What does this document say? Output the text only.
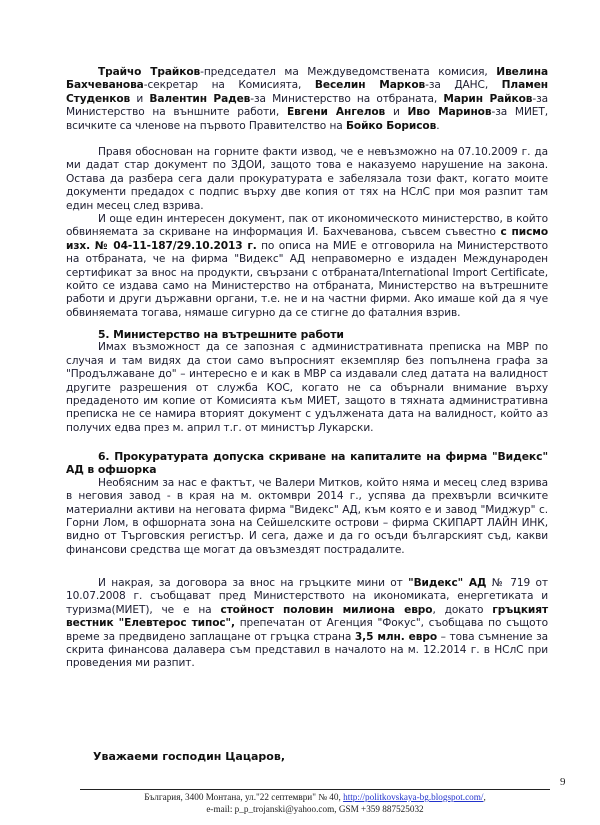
Трайчо Трайков-председател ма Междуведомствената комисия, Ивелина Бахчеванова-секретар на Комисията, Веселин Марков-за ДАНС, Пламен Студенков и Валентин Радев-за Министерство на отбраната, Марин Райков-за Министерство на външните работи, Евгени Ангелов и Иво Маринов-за МИЕТ, всичките са членове на първото Правителство на Бойко Борисов.

Правя обоснован на горните факти извод, че е невъзможно на 07.10.2009 г. да ми дадат стар документ по ЗДОИ, защото това е наказуемо нарушение на закона. Остава да разбера сега дали прокуратурата е забелязала този факт, когато моите документи предадох с подпис върху две копия от тях на НСлС при моя разпит там един месец след взрива.

И още един интересен документ, пак от икономическото министерство, в който обвиняемата за скриване на информация И. Бахчеванова, съвсем съвестно с писмо изх. № 04-11-187/29.10.2013 г. по описа на МИЕ е отговорила на Министерството на отбраната, че на фирма "Видекс" АД неправомерно е издаден Международен сертификат за внос на продукти, свързани с отбраната/International Import Certificate, който се издава само на Министерство на отбраната, Министерство на вътрешните работи и други държавни органи, т.е. не и на частни фирми. Ако имаше кой да я чуе обвиняемата тогава, нямаше сигурно да се стигне до фаталния взрив.

5. Министерство на вътрешните работи

Имах възможност да се запозная с административната преписка на МВР по случая и там видях да стои само въпросният екземпляр без попълнена графа за "Продължаване до" – интересно е и как в МВР са издавали след датата на валидност другите разрешения от служба КОС, когато не са обърнали внимание върху предаденото им копие от Комисията към МИЕТ, защото в тяхната административна преписка не се намира вторият документ с удължената дата на валидност, който аз получих едва през м. април т.г. от министър Лукарски.

6. Прокуратурата допуска скриване на капиталите на фирма "Видекс" АД в офшорка

Необясним за нас е фактът, че Валери Митков, който няма и месец след взрива в неговия завод - в края на м. октомври 2014 г., успява да прехвърли всичките материални активи на неговата фирма "Видекс" АД, към която е и завод "Миджур" с. Горни Лом, в офшорната зона на Сейшелските острови – фирма СКИПАРТ ЛАЙН ИНК, видно от Търговския регистър. И сега, даже и да го осъди българският съд, какви финансови средства ще могат да овъзмездят пострадалите.

И накрая, за договора за внос на гръцките мини от "Видекс" АД № 719 от 10.07.2008 г. съобщават пред Министерството на икономиката, енергетиката и туризма(МИЕТ), че е на стойност половин милиона евро, докато гръцкият вестник "Елевтерос типос", препечатан от Агенция "Фокус", съобщава по същото време за предвидено заплащане от гръцка страна 3,5 млн. евро – това съмнение за скрита финансова далавера съм представил в началото на м. 12.2014 г. в НСлС при проведения ми разпит.

Уважаеми господин Цацаров,
9
България, 3400 Монтана, ул."22 септември" № 40, http://politkovskaya-bg.blogspot.com/,
e-mail: p_p_trojanski@yahoo.com, GSM +359 887525032
